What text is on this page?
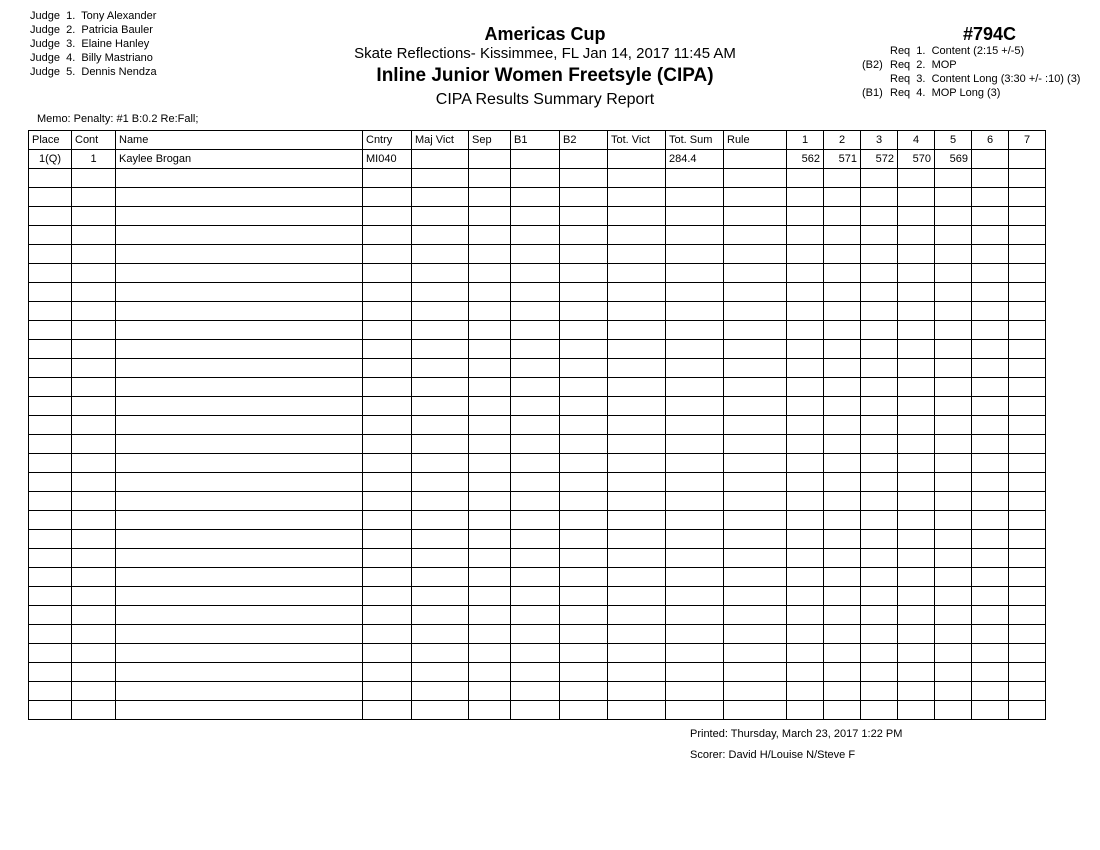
Judge  1.  Tony Alexander
Judge  2.  Patricia Bauler
Judge  3.  Elaine Hanley
Judge  4.  Billy Mastriano
Judge  5.  Dennis Nendza
Americas Cup
Skate Reflections- Kissimmee, FL Jan 14, 2017 11:45 AM
Inline Junior Women Freetsyle (CIPA)
CIPA Results Summary Report
#794C
Req  1.  Content (2:15 +/-5)
(B2) Req  2.  MOP
Req  3.  Content Long (3:30 +/- :10) (3)
(B1) Req  4.  MOP Long (3)
Memo: Penalty: #1 B:0.2 Re:Fall;
Place	Cont	Name	Cntry	Maj Vict	Sep	B1	B2	Tot. Vict	Tot. Sum	Rule	1	2	3	4	5	6	7
1(Q)	1	Kaylee Brogan	MI040						284.4		562	571	572	570	569		

Printed: Thursday, March 23, 2017 1:22 PM
Scorer: David H/Louise N/Steve F
